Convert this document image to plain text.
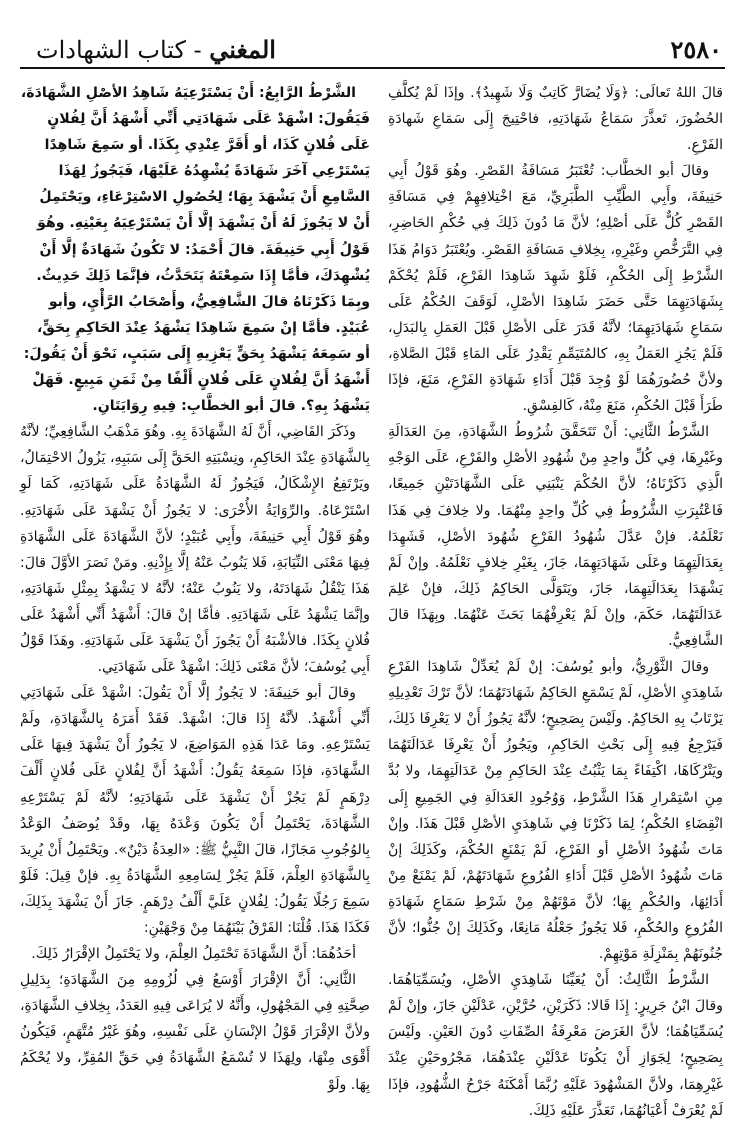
٢٥٨٠
المغني - كتاب الشهادات

قالَ اللهُ تَعالَى: ﴿وَلَا يُضَارَّ كَاتِبٌ وَلَا شَهِيدٌ﴾. وإذَا لَمْ يُكلَّفِ الحُضُورَ، تَعذَّرَ سَمَاعُ شَهَادَتِهِ، فاحْتِيجَ إِلَى سَمَاعِ شَهادَةِ الفَرْعِ.

وقالَ أبو الخطَّاب: تُعْتَبَرُ مَسَافَةُ القَصْرِ. وهُوَ قَوْلُ أَبِي حَنِيفَةَ، وأَبِي الطَّيِّبِ الطَّبَرِيِّ، مَعَ اخْتِلافِهِمْ فِي مَسَافَةِ القَصْرِ كُلٌّ عَلَى أصْلِهِ؛ لأنَّ مَا دُونَ ذَلِكَ فِي حُكْمِ الحَاضِرِ، فِي التَّرَخُّصِ وغَيْرِهِ، بِخِلافِ مَسَافَةِ القَصْرِ. ويُعْتَبَرُ دَوَامُ هَذَا الشَّرْطِ إِلَى الحُكْمِ، فَلَوْ شَهِدَ شَاهِدَا الفَرْعِ، فَلَمْ يُحْكَمْ بِشَهَادَتِهِمَا حَتَّى حَضَرَ شَاهِدَا الأصْلِ، لَوَقَفَ الحُكْمُ عَلَى سَمَاعِ شَهَادَتِهِمَا؛ لأنَّهُ قَدَرَ عَلَى الأصْلِ قَبْلَ العَمَلِ بِالبَدَلِ، فَلَمْ يَجُزِ العَمَلُ بِهِ، كالمُتَيَمِّمِ يَقْدِرُ عَلَى المَاءِ قَبْلَ الصَّلاةِ، ولأنَّ حُضُورَهُمَا لَوْ وُجِدَ قَبْلَ أَدَاءِ شَهَادَةِ الفَرْعِ، مَنَعَ، فإذَا طَرَأَ قَبْلَ الحُكْمِ، مَنَعَ مِنْهُ، كَالفِسْقِ.

الشَّرْطُ الثَّانِي: أَنْ تَتَحَقَّقَ شُرُوطُ الشَّهَادَةِ، مِنَ العَدَالَةِ وغَيْرِهَا، فِي كُلِّ واحِدٍ مِنْ شُهُودِ الأصْلِ والفَرْعِ، عَلَى الوَجْهِ الَّذِي ذَكَرْنَاهُ؛ لأنَّ الحُكْمَ يَنْبَنِي عَلَى الشَّهَادَتَيْنِ جَمِيعًا، فَاعْتُبِرَتِ الشُّرُوطُ فِي كُلِّ واحِدٍ مِنْهُمَا. ولا خِلافَ فِي هَذَا نَعْلَمُهُ. فإنْ عَدَّلَ شُهُودُ الفَرْعِ شُهُودَ الأصْلِ، فَشَهِدَا بِعَدَالَتِهِمَا وعَلَى شَهَادَتِهِمَا، جَازَ، بِغَيْرِ خِلافٍ نَعْلَمُهُ. وإنْ لَمْ يَشْهَدَا بِعَدَالَتِهِمَا، جَازَ، ويَتَوَلَّى الحَاكِمُ ذَلِكَ، فإنْ عَلِمَ عَدَالَتَهُمَا، حَكَمَ، وإنْ لَمْ يَعْرِفْهُمَا بَحَثَ عَنْهُمَا. وبِهَذَا قالَ الشَّافِعِيُّ.

وقالَ الثَّوْرِيُّ، وأبو يُوسُفَ: إنْ لَمْ يُعَدِّلْ شَاهِدَا الفَرْعِ شَاهِدَيِ الأصْلِ، لَمْ يَسْمَعِ الحَاكِمُ شَهَادَتَهُمَا؛ لأنَّ تَرْكَ تَعْدِيلِهِ يَرْتَابُ بِهِ الحَاكِمُ. ولَيْسَ بِصَحِيحٍ؛ لأنَّهُ يَجُوزُ أَنْ لا يَعْرِفَا ذَلِكَ، فَيَرْجِعُ فِيهِ إِلَى بَحْثِ الحَاكِمِ، ويَجُوزُ أَنْ يَعْرِفَا عَدَالَتَهُمَا ويَتْرُكَاهَا، اكْتِفَاءً بِمَا يَثْبُتُ عِنْدَ الحَاكِمِ مِنْ عَدَالَتِهِمَا، ولا بُدَّ مِنِ اسْتِمْرارِ هَذَا الشَّرْطِ، وَوُجُودِ العَدَالَةِ فِي الجَمِيعِ إِلَى انْقِضَاءِ الحُكْمِ؛ لِمَا ذَكَرْنَا فِي شَاهِدَيِ الأصْلِ قَبْلَ هَذَا. وإنْ مَاتَ شُهُودُ الأصْلِ أو الفَرْعِ، لَمْ يَمْنَعِ الحُكْمَ، وكَذَلِكَ إنْ مَاتَ شُهُودُ الأصْلِ قَبْلَ أَدَاءِ الفُرُوعِ شَهَادَتَهُمْ، لَمْ يَمْنَعْ مِنْ أَدَائِهَا، والحُكْمِ بِهَا؛ لأنَّ مَوْتَهُمْ مِنْ شَرْطِ سَمَاعِ شَهَادَةِ الفُرُوعِ والحُكْمِ، فَلا يَجُوزُ جَعْلُهُ مَانِعًا، وكَذَلِكَ إنْ جُنُّوا؛ لأنَّ جُنُونَهُمْ بِمَنْزِلَةِ مَوْتِهِمْ.

الشَّرْطُ الثَّالِثُ: أَنْ يُعَيِّنَا شَاهِدَيِ الأصْلِ، ويُسَمِّيَاهُمَا. وقالَ ابْنُ جَرِيرٍ: إِذَا قَالا: ذَكَرَيْنِ، حُرَّيْنِ، عَدْلَيْنِ جَازَ، وإنْ لَمْ يُسَمِّيَاهُمَا؛ لأنَّ الغَرَضَ مَعْرِفَةُ الصِّفَاتِ دُونَ العَيْنِ. ولَيْسَ بِصَحِيحٍ؛ لِجَوَازِ أَنْ يَكُونَا عَدْلَيْنِ عِنْدَهُمَا، مَجْرُوحَيْنِ عِنْدَ غَيْرِهِمَا، ولأنَّ المَشْهُودَ عَلَيْهِ رُبَّمَا أَمْكَنَهُ جَرْحُ الشُّهُودِ، فإذَا لَمْ يُعْرَفْ أَعْيَانُهُمَا، تَعَذَّرَ عَلَيْهِ ذَلِكَ.

الشَّرْطُ الرَّابِعُ: أَنْ يَسْتَرْعِيَهُ شَاهِدُ الأصْلِ الشَّهَادَةَ، فَيَقُولَ: اشْهَدْ عَلَى شَهَادَتِي أَنِّي أَشْهَدُ أَنَّ لِفُلانٍ عَلَى فُلانٍ كَذَا، أو أَقَرَّ عِنْدِي بِكَذَا. أو سَمِعَ شَاهِدًا يَسْتَرْعِي آخَرَ شَهَادَةً يُشْهِدُهُ عَلَيْهَا، فَيَجُوزُ لِهَذَا السَّامِعِ أَنْ يَشْهَدَ بِهَا؛ لِحُصُولِ الاسْتِرْعَاءِ، ويَحْتَمِلُ أَنْ لا يَجُوزَ لَهُ أَنْ يَشْهَدَ إلَّا أَنْ يَسْتَرْعِيَهُ بِعَيْنِهِ. وهُوَ قَوْلُ أَبِي حَنِيفَةَ. قالَ أَحْمَدُ: لا تَكُونُ شَهَادَةٌ إلَّا أَنْ يُشْهِدَكَ، فأمَّا إِذَا سَمِعْتَهُ يَتَحَدَّثُ، فإنَّمَا ذَلِكَ حَدِيثٌ. وبِمَا ذَكَرْنَاهُ قالَ الشَّافِعِيُّ، وأَصْحَابُ الرَّأْيِ، وأبو عُبَيْدٍ. فأمَّا إنْ سَمِعَ شَاهِدًا يَشْهَدُ عِنْدَ الحَاكِمِ بِحَقٍّ، أو سَمِعَهُ يَشْهَدُ بِحَقٍّ يَعْزِيهِ إِلَى سَبَبٍ، نَحْوَ أَنْ يَقُولَ: أَشْهَدُ أَنَّ لِفُلانٍ عَلَى فُلانٍ أَلْفًا مِنْ ثَمَنِ مَبِيعٍ. فَهَلْ يَشْهَدُ بِهِ؟. قالَ أبو الخطَّابِ: فِيهِ رِوَايَتَانِ.

وذَكَرَ القَاضِي، أَنَّ لَهُ الشَّهَادَةَ بِهِ. وهُوَ مَذْهَبُ الشَّافِعِيِّ؛ لأنَّهُ بِالشَّهَادَةِ عِنْدَ الحَاكِمِ، ونِسْبَتِهِ الحَقَّ إِلَى سَبَبِهِ، يَزُولُ الاحْتِمَالُ، ويَرْتَفِعُ الإِشْكَالُ، فَيَجُوزُ لَهُ الشَّهَادَةُ عَلَى شَهَادَتِهِ، كَمَا لَوِ اسْتَرْعَاهُ. والرِّوَايَةُ الأُخْرَى: لا يَجُوزُ أَنْ يَشْهَدَ عَلَى شَهَادَتِهِ. وهُوَ قَوْلُ أَبِي حَنِيفَةَ، وأَبِي عُبَيْدٍ؛ لأنَّ الشَّهَادَةَ عَلَى الشَّهَادَةِ فِيهَا مَعْنَى النِّيَابَةِ، فَلا يَنُوبُ عَنْهُ إلَّا بِإِذْنِهِ. ومَنْ نَصَرَ الأوَّلَ قالَ: هَذَا يَنْقُلُ شَهَادَتَهُ، ولا يَنُوبُ عَنْهُ؛ لأنَّهُ لا يَشْهَدُ بِمِثْلِ شَهَادَتِهِ، وإنَّمَا يَشْهَدُ عَلَى شَهَادَتِهِ. فأمَّا إنْ قالَ: أَشْهَدُ أَنِّي أَشْهَدُ عَلَى فُلانٍ بِكَذَا. فالأشْبَهُ أَنْ يَجُوزَ أَنْ يَشْهَدَ عَلَى شَهَادَتِهِ. وهَذَا قَوْلُ أَبِي يُوسُفَ؛ لأنَّ مَعْنَى ذَلِكَ: اشْهَدْ عَلَى شَهَادَتِي.

وقالَ أبو حَنِيفَةَ: لا يَجُوزُ إلَّا أَنْ يَقُولَ: اشْهَدْ عَلَى شَهَادَتِي أَنِّي أَشْهَدُ. لأنَّهُ إِذَا قالَ: اشْهَدْ. فَقَدْ أَمَرَهُ بِالشَّهَادَةِ، ولَمْ يَسْتَرْعِهِ. ومَا عَدَا هَذِهِ المَوَاضِعَ، لا يَجُوزُ أَنْ يَشْهَدَ فِيهَا عَلَى الشَّهَادَةِ، فإذَا سَمِعَهُ يَقُولُ: أَشْهَدُ أَنَّ لِفُلانٍ عَلَى فُلانٍ أَلْفَ دِرْهَمٍ لَمْ يَجُزْ أَنْ يَشْهَدَ عَلَى شَهَادَتِهِ؛ لأنَّهُ لَمْ يَسْتَرْعِهِ الشَّهَادَةَ، يَحْتَمِلُ أَنْ يَكُونَ وَعْدَهُ بِهَا، وقَدْ يُوصَفُ الوَعْدُ بِالوُجُوبِ مَجَازًا، قالَ النَّبِيُّ ﷺ: «العِدَةُ دَيْنٌ». ويَحْتَمِلُ أَنْ يُرِيدَ بِالشَّهَادَةِ العِلْمَ، فَلَمْ يَجُزْ لِسَامِعِهِ الشَّهَادَةُ بِهِ. فإنْ قِيلَ: فَلَوْ سَمِعَ رَجُلًا يَقُولُ: لِفُلانٍ عَلَيَّ أَلْفُ دِرْهَمٍ. جَازَ أَنْ يَشْهَدَ بِذَلِكَ، فَكَذَا هَذَا. قُلْنَا: الفَرْقُ بَيْنَهُمَا مِنْ وَجْهَيْنِ:

أحَدُهُمَا: أَنَّ الشَّهَادَةَ تَحْتَمِلُ العِلْمَ، ولا يَحْتَمِلُ الإقْرَارُ ذَلِكَ.

الثَّانِي: أَنَّ الإقْرَارَ أَوْسَعُ فِي لُزُومِهِ مِنَ الشَّهَادَةِ؛ بِدَلِيلِ صِحَّتِهِ فِي المَجْهُولِ، وأَنَّهُ لا يُرَاعَى فِيهِ العَدَدُ، بِخِلافِ الشَّهَادَةِ، ولأنَّ الإقْرَارَ قَوْلُ الإنْسَانِ عَلَى نَفْسِهِ، وهُوَ غَيْرُ مُتَّهَمٍ، فَيَكُونُ أَقْوَى مِنْهَا، ولِهَذَا لا تُسْمَعُ الشَّهَادَةُ فِي حَقِّ المُقِرِّ، ولا يُحْكَمُ بِهَا. ولَوْ
